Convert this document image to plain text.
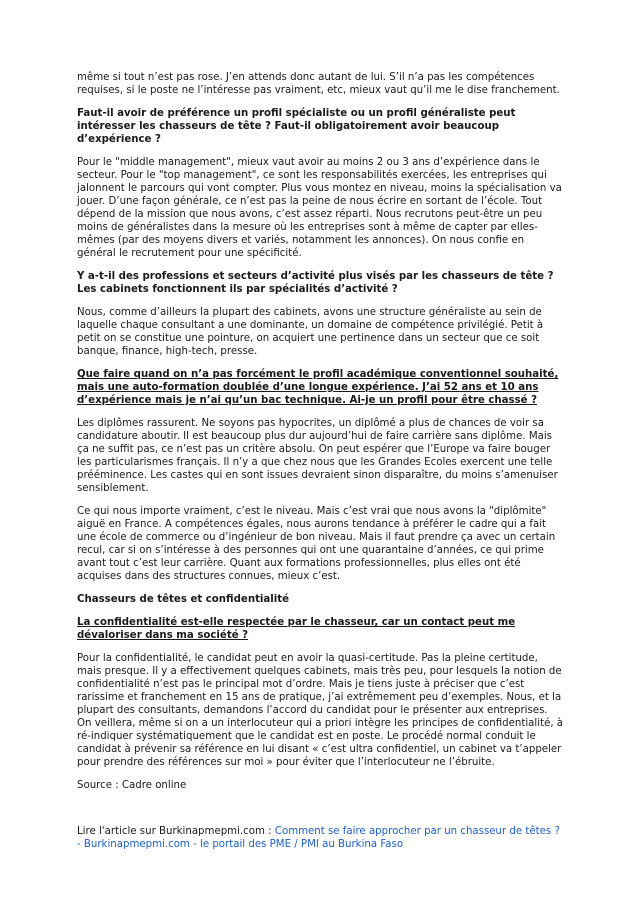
même si tout n’est pas rose. J’en attends donc autant de lui. S’il n’a pas les compétences requises, si le poste ne l’intéresse pas vraiment, etc, mieux vaut qu’il me le dise franchement.

Faut-il avoir de préférence un profil spécialiste ou un profil généraliste peut intéresser les chasseurs de tête ? Faut-il obligatoirement avoir beaucoup d’expérience ?

Pour le "middle management", mieux vaut avoir au moins 2 ou 3 ans d’expérience dans le secteur. Pour le "top management", ce sont les responsabilités exercées, les entreprises qui jalonnent le parcours qui vont compter. Plus vous montez en niveau, moins la spécialisation va jouer. D’une façon générale, ce n’est pas la peine de nous écrire en sortant de l’école. Tout dépend de la mission que nous avons, c’est assez réparti. Nous recrutons peut-être un peu moins de généralistes dans la mesure où les entreprises sont à même de capter par elles-mêmes (par des moyens divers et variés, notamment les annonces). On nous confie en général le recrutement pour une spécificité.

Y a-t-il des professions et secteurs d’activité plus visés par les chasseurs de tête ? Les cabinets fonctionnent ils par spécialités d’activité ?

Nous, comme d’ailleurs la plupart des cabinets, avons une structure généraliste au sein de laquelle chaque consultant a une dominante, un domaine de compétence privilégié. Petit à petit on se constitue une pointure, on acquiert une pertinence dans un secteur que ce soit banque, finance, high-tech, presse.

Que faire quand on n’a pas forcément le profil académique conventionnel souhaité, mais une auto-formation doublée d’une longue expérience. J’ai 52 ans et 10 ans d’expérience mais je n’ai qu’un bac technique. Ai-je un profil pour être chassé ?

Les diplômes rassurent. Ne soyons pas hypocrites, un diplômé a plus de chances de voir sa candidature aboutir. Il est beaucoup plus dur aujourd’hui de faire carrière sans diplôme. Mais ça ne suffit pas, ce n’est pas un critère absolu. On peut espérer que l’Europe va faire bouger les particularismes français. Il n’y a que chez nous que les Grandes Ecoles exercent une telle prééminence. Les castes qui en sont issues devraient sinon disparaître, du moins s’amenuiser sensiblement.

Ce qui nous importe vraiment, c’est le niveau. Mais c’est vrai que nous avons la "diplômite" aiguë en France. A compétences égales, nous aurons tendance à préférer le cadre qui a fait une école de commerce ou d’ingénieur de bon niveau. Mais il faut prendre ça avec un certain recul, car si on s’intéresse à des personnes qui ont une quarantaine d’années, ce qui prime avant tout c’est leur carrière. Quant aux formations professionnelles, plus elles ont été acquises dans des structures connues, mieux c’est.

Chasseurs de têtes et confidentialité

La confidentialité est-elle respectée par le chasseur, car un contact peut me dévaloriser dans ma société ?

Pour la confidentialité, le candidat peut en avoir la quasi-certitude. Pas la pleine certitude, mais presque. Il y a effectivement quelques cabinets, mais très peu, pour lesquels la notion de confidentialité n’est pas le principal mot d’ordre. Mais je tiens juste à préciser que c’est rarissime et franchement en 15 ans de pratique, j’ai extrêmement peu d’exemples. Nous, et la plupart des consultants, demandons l’accord du candidat pour le présenter aux entreprises. On veillera, même si on a un interlocuteur qui a priori intègre les principes de confidentialité, à ré-indiquer systématiquement que le candidat est en poste. Le procédé normal conduit le candidat à prévenir sa référence en lui disant « c’est ultra confidentiel, un cabinet va t’appeler pour prendre des références sur moi » pour éviter que l’interlocuteur ne l’ébruite.

Source : Cadre online

Lire l'article sur Burkinapmepmi.com : Comment se faire approcher par un chasseur de têtes ? - Burkinapmepmi.com - le portail des PME / PMI au Burkina Faso
